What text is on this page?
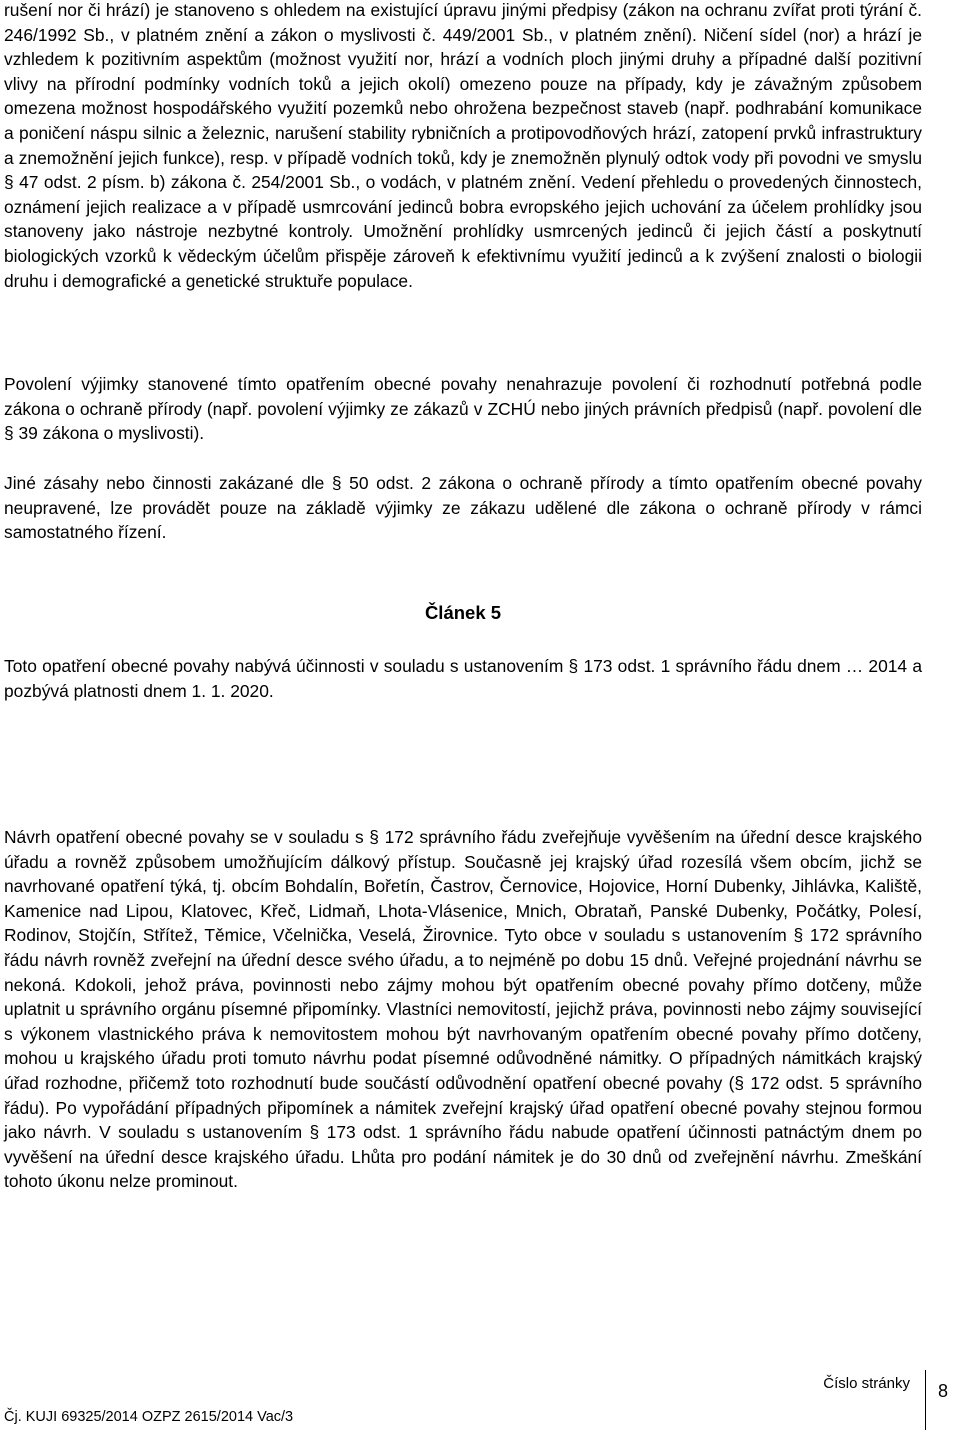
rušení nor či hrází) je stanoveno s ohledem na existující úpravu jinými předpisy (zákon na ochranu zvířat proti týrání č. 246/1992 Sb., v platném znění a zákon o myslivosti č. 449/2001 Sb., v platném znění). Ničení sídel (nor) a hrází je vzhledem k pozitivním aspektům (možnost využití nor, hrází a vodních ploch jinými druhy a případné další pozitivní vlivy na přírodní podmínky vodních toků a jejich okolí) omezeno pouze na případy, kdy je závažným způsobem omezena možnost hospodářského využití pozemků nebo ohrožena bezpečnost staveb (např. podhrabání komunikace a poničení náspu silnic a železnic, narušení stability rybničních a protipovodňových hrází, zatopení prvků infrastruktury a znemožnění jejich funkce), resp. v případě vodních toků, kdy je znemožněn plynulý odtok vody při povodni ve smyslu § 47 odst. 2 písm. b) zákona č. 254/2001 Sb., o vodách, v platném znění. Vedení přehledu o provedených činnostech, oznámení jejich realizace a v případě usmrcování jedinců bobra evropského jejich uchování za účelem prohlídky jsou stanoveny jako nástroje nezbytné kontroly. Umožnění prohlídky usmrcených jedinců či jejich částí a poskytnutí biologických vzorků k vědeckým účelům přispěje zároveň k efektivnímu využití jedinců a k zvýšení znalosti o biologii druhu i demografické a genetické struktuře populace.

Povolení výjimky stanovené tímto opatřením obecné povahy nenahrazuje povolení či rozhodnutí potřebná podle zákona o ochraně přírody (např. povolení výjimky ze zákazů v ZCHÚ nebo jiných právních předpisů (např. povolení dle § 39 zákona o myslivosti).

Jiné zásahy nebo činnosti zakázané dle § 50 odst. 2 zákona o ochraně přírody a tímto opatřením obecné povahy neupravené, lze provádět pouze na základě výjimky ze zákazu udělené dle zákona o ochraně přírody v rámci samostatného řízení.

Článek 5

Toto opatření obecné povahy nabývá účinnosti v souladu s ustanovením § 173 odst. 1 správního řádu dnem … 2014 a pozbývá platnosti dnem 1. 1. 2020.

Návrh opatření obecné povahy se v souladu s § 172 správního řádu zveřejňuje vyvěšením na úřední desce krajského úřadu a rovněž způsobem umožňujícím dálkový přístup. Současně jej krajský úřad rozesílá všem obcím, jichž se navrhované opatření týká, tj. obcím Bohdalín, Bořetín, Častrov, Černovice, Hojovice, Horní Dubenky, Jihlávka, Kaliště, Kamenice nad Lipou, Klatovec, Křeč, Lidmaň, Lhota-Vlásenice, Mnich, Obrataň, Panské Dubenky, Počátky, Polesí, Rodinov, Stojčín, Střítež, Těmice, Včelnička, Veselá, Žirovnice. Tyto obce v souladu s ustanovením § 172 správního řádu návrh rovněž zveřejní na úřední desce svého úřadu, a to nejméně po dobu 15 dnů. Veřejné projednání návrhu se nekoná. Kdokoli, jehož práva, povinnosti nebo zájmy mohou být opatřením obecné povahy přímo dotčeny, může uplatnit u správního orgánu písemné připomínky. Vlastníci nemovitostí, jejichž práva, povinnosti nebo zájmy související s výkonem vlastnického práva k nemovitostem mohou být navrhovaným opatřením obecné povahy přímo dotčeny, mohou u krajského úřadu proti tomuto návrhu podat písemné odůvodněné námitky. O případných námitkách krajský úřad rozhodne, přičemž toto rozhodnutí bude součástí odůvodnění opatření obecné povahy (§ 172 odst. 5 správního řádu). Po vypořádání případných připomínek a námitek zveřejní krajský úřad opatření obecné povahy stejnou formou jako návrh. V souladu s ustanovením § 173 odst. 1 správního řádu nabude opatření účinnosti patnáctým dnem po vyvěšení na úřední desce krajského úřadu. Lhůta pro podání námitek je do 30 dnů od zveřejnění návrhu. Zmeškání tohoto úkonu nelze prominout.

Číslo stránky 8

Čj. KUJI 69325/2014 OZPZ 2615/2014 Vac/3
